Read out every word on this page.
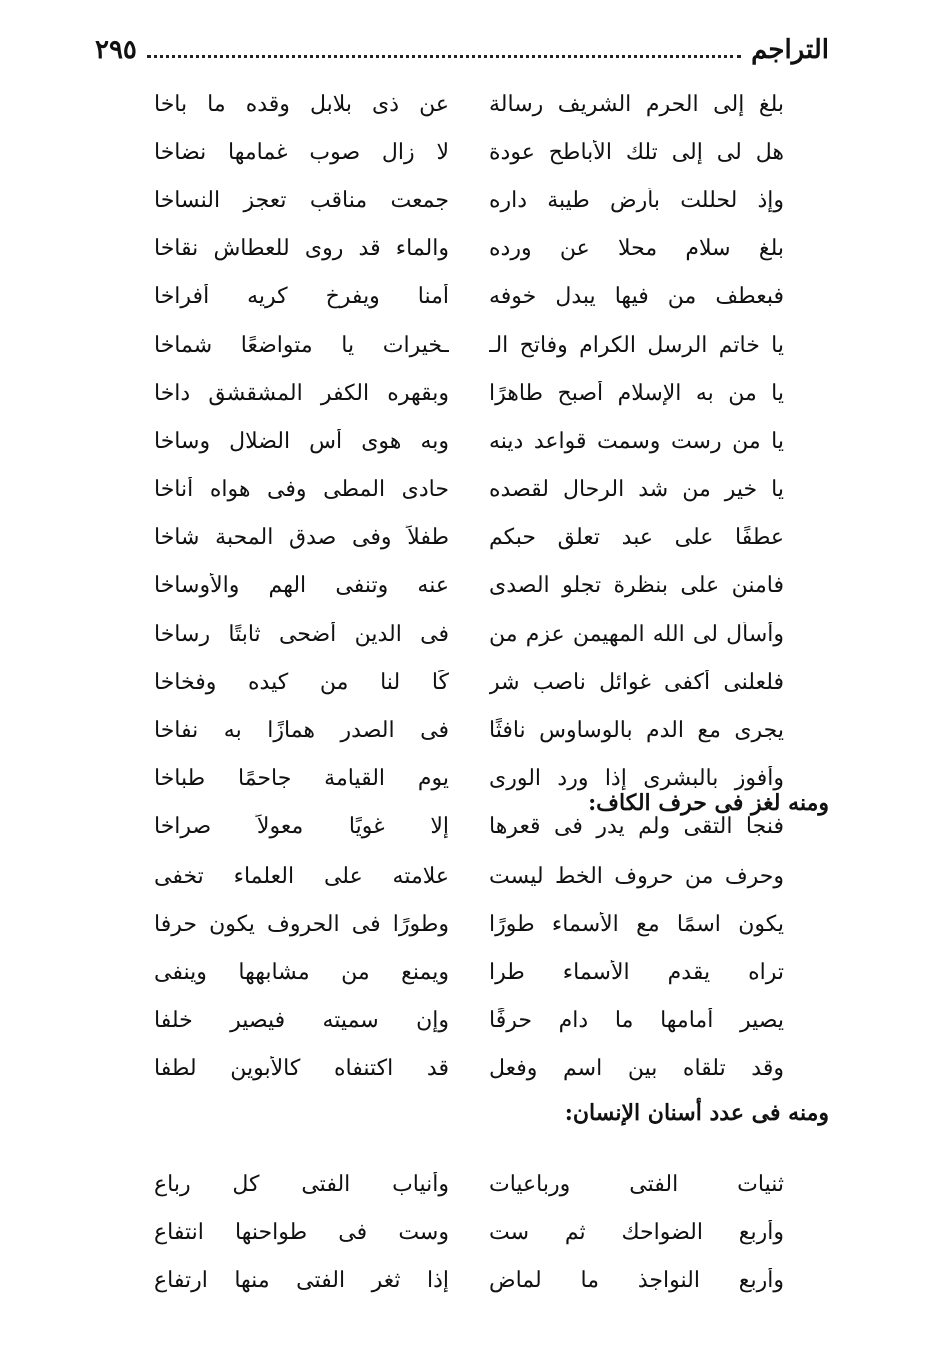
التراجم
٢٩٥
بلغ إلى الحرم الشريف رسالة
عن ذى بلابل وقده ما باخا
هل لى إلى تلك الأباطح عودة
لا زال صوب غمامها نضاخا
وإذ لحللت بأرض طيبة داره
جمعت مناقب تعجز النساخا
بلغ سلام محلا عن ورده
والماء قد روى للعطاش نقاخا
فبعطف من فيها يبدل خوفه
أمنا ويفرخ كريه أفراخا
يا خاتم الرسل الكرام وفاتح الـ
ـخيرات يا متواضعًا شماخا
يا من به الإسلام أصبح طاهرًا
وبقهره الكفر المشقشق داخا
يا من رست وسمت قواعد دينه
وبه هوى أس الضلال وساخا
يا خير من شد الرحال لقصده
حادى المطى وفى هواه أناخا
عطفًا على عبد تعلق حبكم
طفلاً وفى صدق المحبة شاخا
فامنن على بنظرة تجلو الصدى
عنه وتنفى الهم والأوساخا
وأسأل لى الله المهيمن عزم من
فى الدين أضحى ثابتًا رساخا
فلعلنى أكفى غوائل ناصب شر
كًا لنا من كيده وفخاخا
يجرى مع الدم بالوساوس نافثًا
فى الصدر همازًا به نفاخا
وأفوز بالبشرى إذا ورد الورى
يوم القيامة جاحمًا طباخا
فنجا التقى ولم يدر فى قعرها
إلا غويًا معولاً صراخا
ومنه لغز فى حرف الكاف:
وحرف من حروف الخط ليست
علامته على العلماء تخفى
يكون اسمًا مع الأسماء طورًا
وطورًا فى الحروف يكون حرفا
تراه يقدم الأسماء طرا
ويمنع من مشابهها وينفى
يصير أمامها ما دام حرفًا
وإن سميته فيصير خلفا
وقد تلقاه بين اسم وفعل
قد اكتنفاه كالأبوين لطفا
ومنه فى عدد أسنان الإنسان:
ثنيات الفتى ورباعيات
وأنياب الفتى كل رباع
وأربع الضواحك ثم ست
وست فى طواحنها انتفاع
وأربع النواجذ ما لماض
إذا ثغر الفتى منها ارتفاع
